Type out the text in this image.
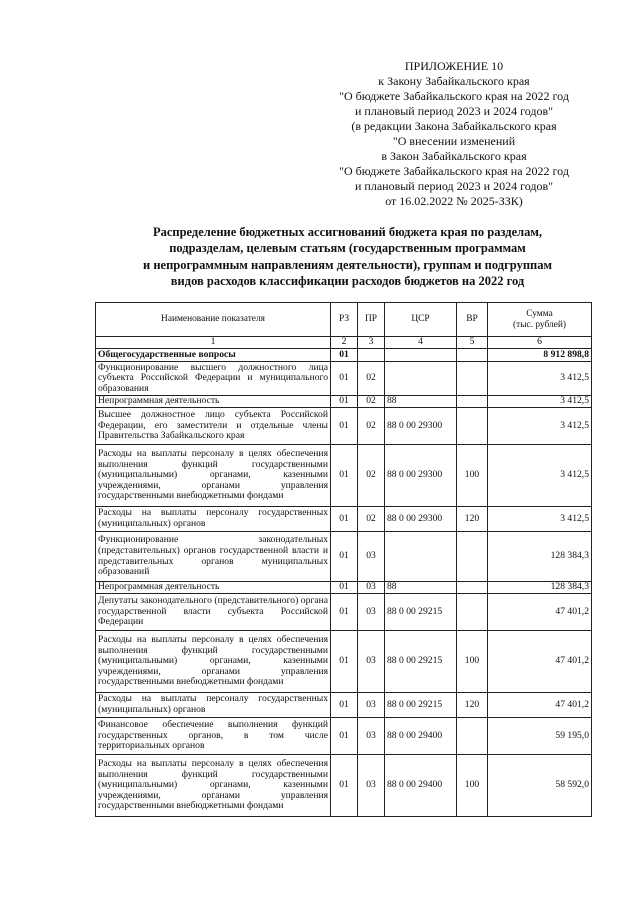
ПРИЛОЖЕНИЕ 10
к Закону Забайкальского края
"О бюджете Забайкальского края на 2022 год
и плановый период 2023 и 2024 годов"
(в редакции Закона Забайкальского края
"О внесении изменений
в Закон Забайкальского края
"О бюджете Забайкальского края на 2022 год
и плановый период 2023 и 2024 годов"
от 16.02.2022 № 2025-ЗЗК)
Распределение бюджетных ассигнований бюджета края по разделам,
подразделам, целевым статьям (государственным программам
и непрограммным направлениям деятельности), группам и подгруппам
видов расходов классификации расходов бюджетов на 2022 год
Наименование показателя	РЗ	ПР	ЦСР	ВР	Сумма
(тыс. рублей)

1	2	3	4	5	6
Общегосударственные вопросы	01				8 912 898,8
Функционирование высшего должностного лица субъекта Российской Федерации и муниципального образования	01	02			3 412,5
Непрограммная деятельность	01	02	88		3 412,5
Высшее должностное лицо субъекта Российской Федерации, его заместители и отдельные члены Правительства Забайкальского края	01	02	88 0 00 29300		3 412,5
Расходы на выплаты персоналу в целях обеспечения выполнения функций государственными (муниципальными) органами, казенными учреждениями, органами управления государственными внебюджетными фондами	01	02	88 0 00 29300	100	3 412,5
Расходы на выплаты персоналу государственных (муниципальных) органов	01	02	88 0 00 29300	120	3 412,5
Функционирование законодательных (представительных) органов государственной власти и представительных органов муниципальных образований	01	03			128 384,3
Непрограммная деятельность	01	03	88		128 384,3
Депутаты законодательного (представительного) органа государственной власти субъекта Российской Федерации	01	03	88 0 00 29215		47 401,2
Расходы на выплаты персоналу в целях обеспечения выполнения функций государственными (муниципальными) органами, казенными учреждениями, органами управления государственными внебюджетными фондами	01	03	88 0 00 29215	100	47 401,2
Расходы на выплаты персоналу государственных (муниципальных) органов	01	03	88 0 00 29215	120	47 401,2
Финансовое обеспечение выполнения функций государственных органов, в том числе территориальных органов	01	03	88 0 00 29400		59 195,0
Расходы на выплаты персоналу в целях обеспечения выполнения функций государственными (муниципальными) органами, казенными учреждениями, органами управления государственными внебюджетными фондами	01	03	88 0 00 29400	100	58 592,0
